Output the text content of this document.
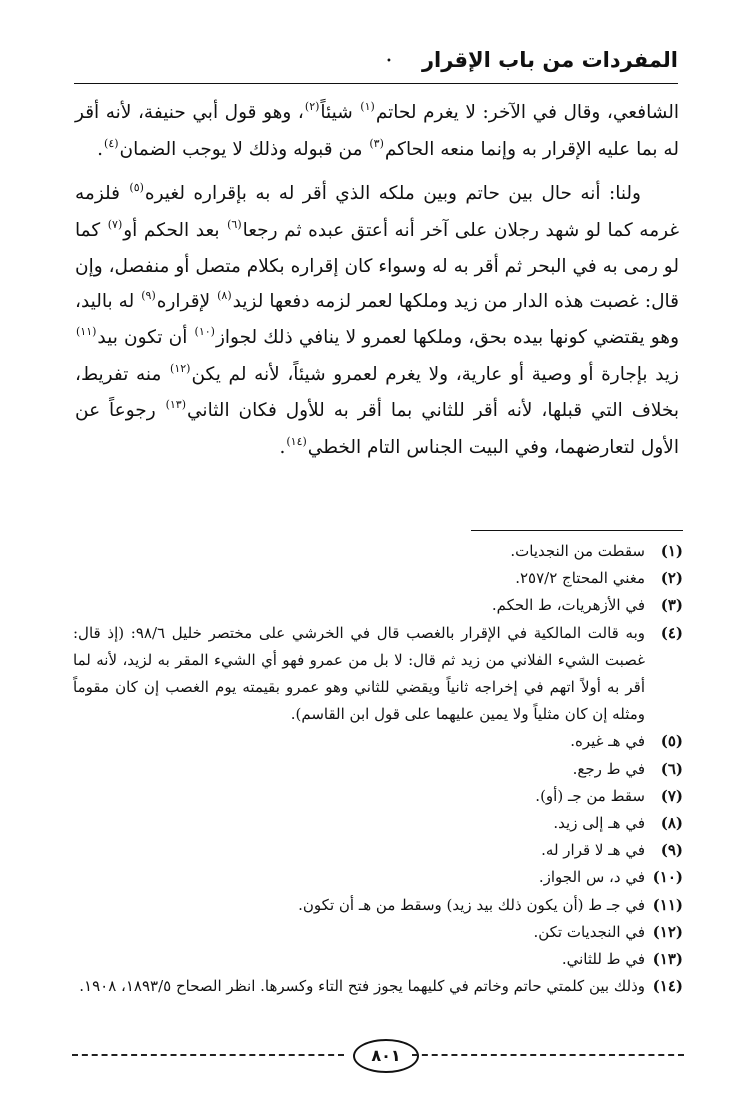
المفردات من باب الإقرار
•

الشافعي، وقال في الآخر: لا يغرم لحاتم$^{(١)}$ شيئاً$^{(٢)}$، وهو قول أبي حنيفة، لأنه أقر له بما عليه الإقرار به وإنما منعه الحاكم$^{(٣)}$ من قبوله وذلك لا يوجب الضمان$^{(٤)}$.

ولنا: أنه حال بين حاتم وبين ملكه الذي أقر له به بإقراره لغيره$^{(٥)}$ فلزمه غرمه كما لو شهد رجلان على آخر أنه أعتق عبده ثم رجعا$^{(٦)}$ بعد الحكم أو$^{(٧)}$ كما لو رمى به في البحر ثم أقر به له وسواء كان إقراره بكلام متصل أو منفصل، وإن قال: غصبت هذه الدار من زيد وملكها لعمر لزمه دفعها لزيد$^{(٨)}$ لإقراره$^{(٩)}$ له باليد، وهو يقتضي كونها بيده بحق، وملكها لعمرو لا ينافي ذلك لجواز$^{(١٠)}$ أن تكون بيد$^{(١١)}$ زيد بإجارة أو وصية أو عارية، ولا يغرم لعمرو شيئاً، لأنه لم يكن$^{(١٢)}$ منه تفريط، بخلاف التي قبلها، لأنه أقر للثاني بما أقر به للأول فكان الثاني$^{(١٣)}$ رجوعاً عن الأول لتعارضهما، وفي البيت الجناس التام الخطي$^{(١٤)}$.

(١)
سقطت من النجديات.
(٢)
مغني المحتاج ٢٥٧/٢.
(٣)
في الأزهريات، ط الحكم.
(٤)
وبه قالت المالكية في الإقرار بالغصب قال في الخرشي على مختصر خليل ٩٨/٦: (إذ قال: غصبت الشيء الفلاني من زيد ثم قال: لا بل من عمرو فهو أي الشيء المقر به لزيد، لأنه لما أقر به أولاً اتهم في إخراجه ثانياً ويقضي للثاني وهو عمرو بقيمته يوم الغصب إن كان مقوماً ومثله إن كان مثلياً ولا يمين عليهما على قول ابن القاسم).
(٥)
في هـ غيره.
(٦)
في ط رجع.
(٧)
سقط من جـ (أو).
(٨)
في هـ إلى زيد.
(٩)
في هـ لا قرار له.
(١٠)
في د، س الجواز.
(١١)
في جـ ط (أن يكون ذلك بيد زيد) وسقط من هـ أن تكون.
(١٢)
في النجديات تكن.
(١٣)
في ط للثاني.
(١٤)
وذلك بين كلمتي حاتم وخاتم في كليهما يجوز فتح التاء وكسرها. انظر الصحاح ١٨٩٣/٥، ١٩٠٨.
٨٠١
